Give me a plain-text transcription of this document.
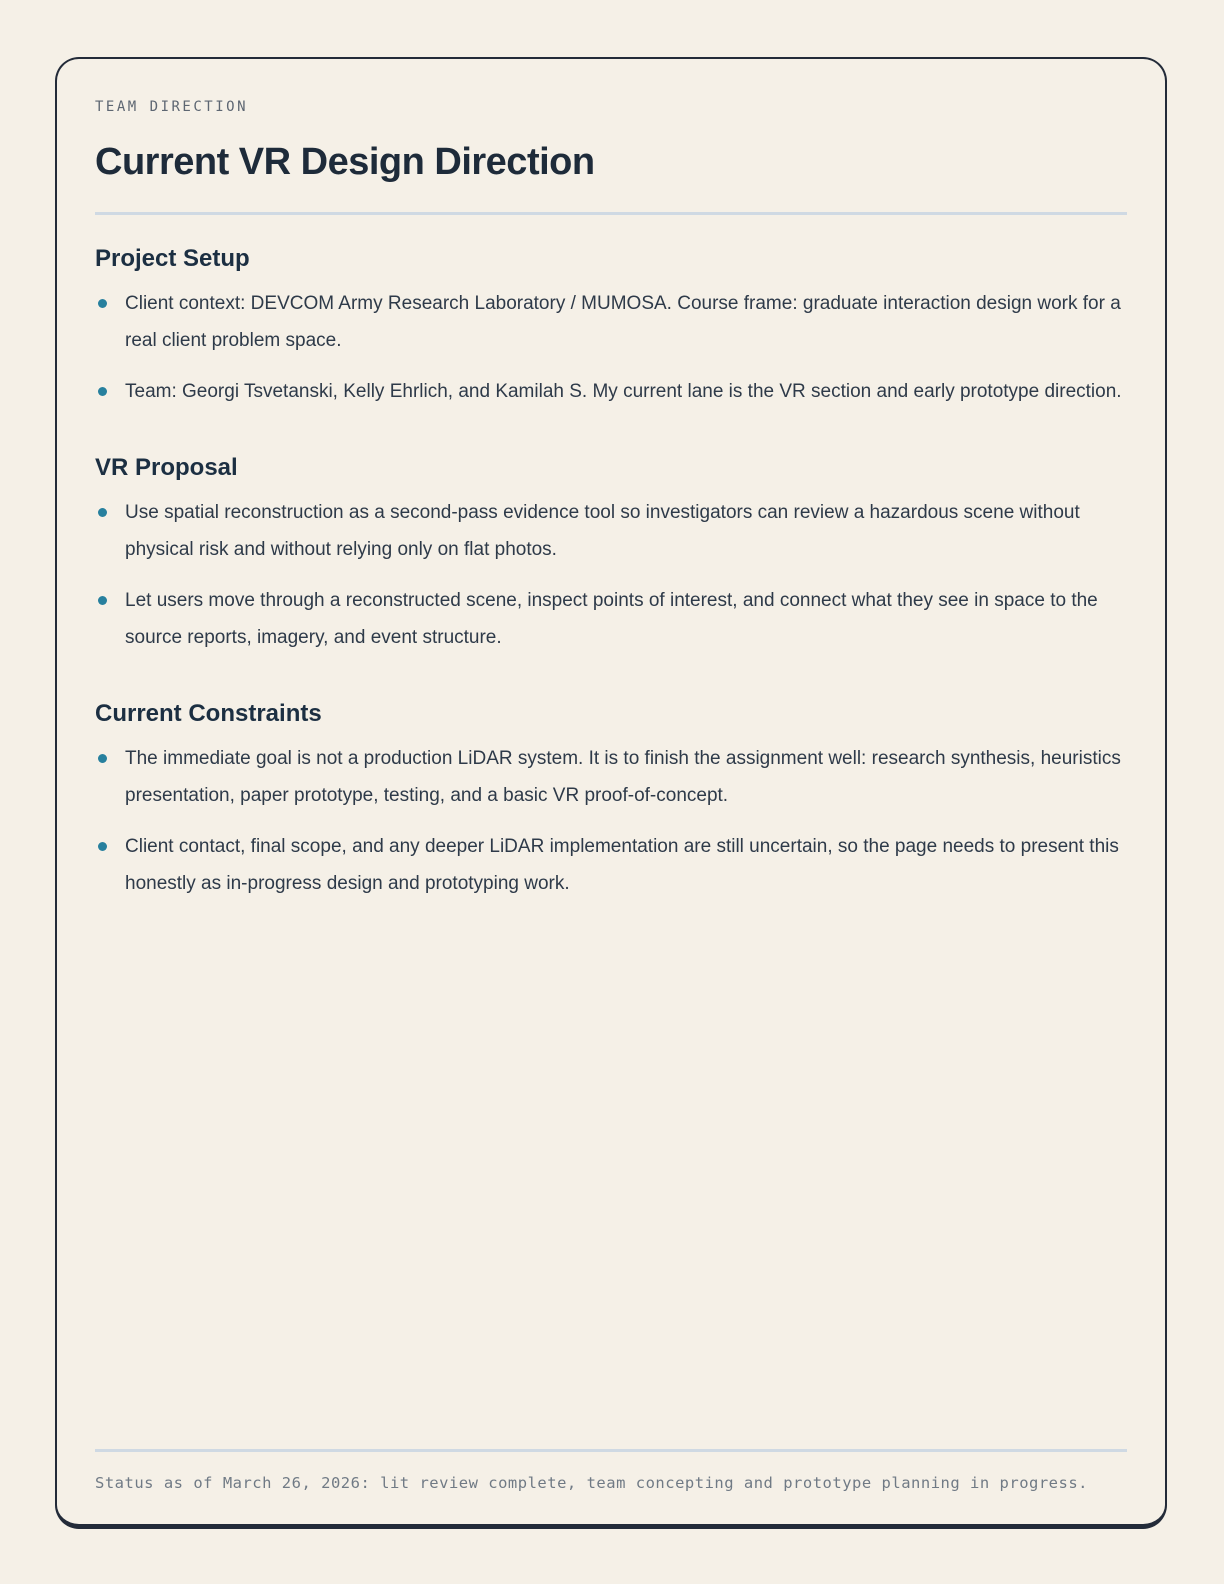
TEAM DIRECTION
Current VR Design Direction
Project Setup
Client context: DEVCOM Army Research Laboratory / MUMOSA. Course frame: graduate interaction design work for a real client problem space.
Team: Georgi Tsvetanski, Kelly Ehrlich, and Kamilah S. My current lane is the VR section and early prototype direction.
VR Proposal
Use spatial reconstruction as a second-pass evidence tool so investigators can review a hazardous scene without physical risk and without relying only on flat photos.
Let users move through a reconstructed scene, inspect points of interest, and connect what they see in space to the source reports, imagery, and event structure.
Current Constraints
The immediate goal is not a production LiDAR system. It is to finish the assignment well: research synthesis, heuristics presentation, paper prototype, testing, and a basic VR proof-of-concept.
Client contact, final scope, and any deeper LiDAR implementation are still uncertain, so the page needs to present this honestly as in-progress design and prototyping work.
Status as of March 26, 2026: lit review complete, team concepting and prototype planning in progress.
